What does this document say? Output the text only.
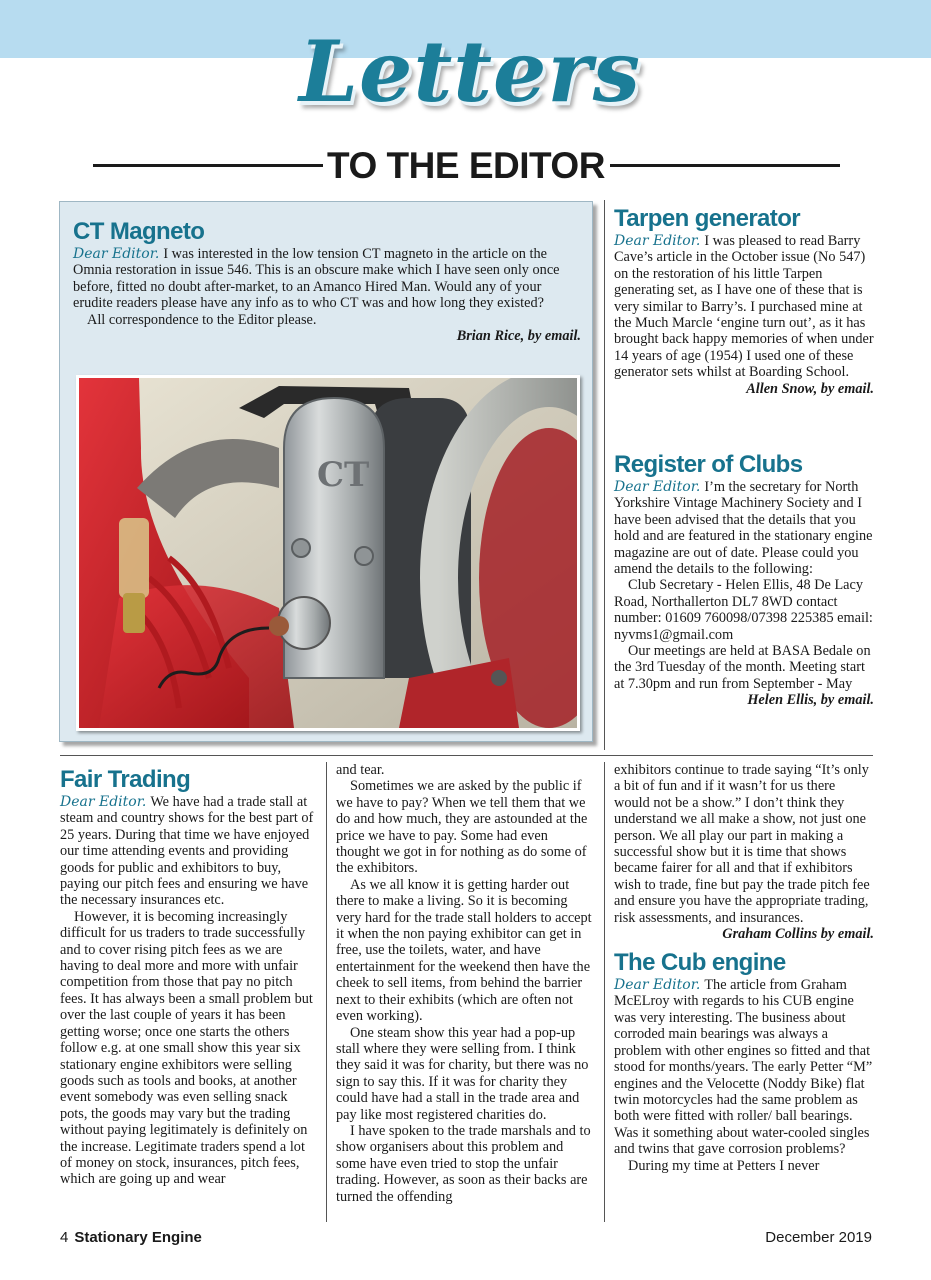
Letters
TO THE EDITOR
CT Magneto

Dear Editor. I was interested in the low tension CT magneto in the article on the Omnia restoration in issue 546. This is an obscure make which I have seen only once before, fitted no doubt after-market, to an Amanco Hired Man. Would any of your erudite readers please have any info as to who CT was and how long they existed?

All correspondence to the Editor please.

Brian Rice, by email.
CT
Tarpen generator

Dear Editor. I was pleased to read Barry Cave’s article in the October issue (No 547) on the restoration of his little Tarpen generating set, as I have one of these that is very similar to Barry’s. I purchased mine at the Much Marcle ‘engine turn out’, as it has brought back happy memories of when under 14 years of age (1954) I used one of these generator sets whilst at Boarding School.

Allen Snow, by email.
Register of Clubs

Dear Editor. I’m the secretary for North Yorkshire Vintage Machinery Society and I have been advised that the details that you hold and are featured in the stationary engine magazine are out of date. Please could you amend the details to the following:

Club Secretary - Helen Ellis, 48 De Lacy Road, Northallerton DL7 8WD contact number: 01609 760098/07398 225385 email: nyvms1@gmail.com

Our meetings are held at BASA Bedale on the 3rd Tuesday of the month. Meeting start at 7.30pm and run from September - May

Helen Ellis, by email.
Fair Trading

Dear Editor. We have had a trade stall at steam and country shows for the best part of 25 years. During that time we have enjoyed our time attending events and providing goods for public and exhibitors to buy, paying our pitch fees and ensuring we have the necessary insurances etc.

However, it is becoming increasingly difficult for us traders to trade successfully and to cover rising pitch fees as we are having to deal more and more with unfair competition from those that pay no pitch fees. It has always been a small problem but over the last couple of years it has been getting worse; once one starts the others follow e.g. at one small show this year six stationary engine exhibitors were selling goods such as tools and books, at another event somebody was even selling snack pots, the goods may vary but the trading without paying legitimately is definitely on the increase. Legitimate traders spend a lot of money on stock, insurances, pitch fees, which are going up and wear

and tear.

Sometimes we are asked by the public if we have to pay? When we tell them that we do and how much, they are astounded at the price we have to pay. Some had even thought we got in for nothing as do some of the exhibitors.

As we all know it is getting harder out there to make a living. So it is becoming very hard for the trade stall holders to accept it when the non paying exhibitor can get in free, use the toilets, water, and have entertainment for the weekend then have the cheek to sell items, from behind the barrier next to their exhibits (which are often not even working).

One steam show this year had a pop-up stall where they were selling from. I think they said it was for charity, but there was no sign to say this. If it was for charity they could have had a stall in the trade area and pay like most registered charities do.

I have spoken to the trade marshals and to show organisers about this problem and some have even tried to stop the unfair trading. However, as soon as their backs are turned the offending

exhibitors continue to trade saying “It’s only a bit of fun and if it wasn’t for us there would not be a show.” I don’t think they understand we all make a show, not just one person. We all play our part in making a successful show but it is time that shows became fairer for all and that if exhibitors wish to trade, fine but pay the trade pitch fee and ensure you have the appropriate trading, risk assessments, and insurances.

Graham Collins by email.
The Cub engine

Dear Editor. The article from Graham McELroy with regards to his CUB engine was very interesting. The business about corroded main bearings was always a problem with other engines so fitted and that stood for months/years. The early Petter “M” engines and the Velocette (Noddy Bike) flat twin motorcycles had the same problem as both were fitted with roller/ ball bearings. Was it something about water-cooled singles and twins that gave corrosion problems?

During my time at Petters I never

4 Stationary Engine	December 2019
